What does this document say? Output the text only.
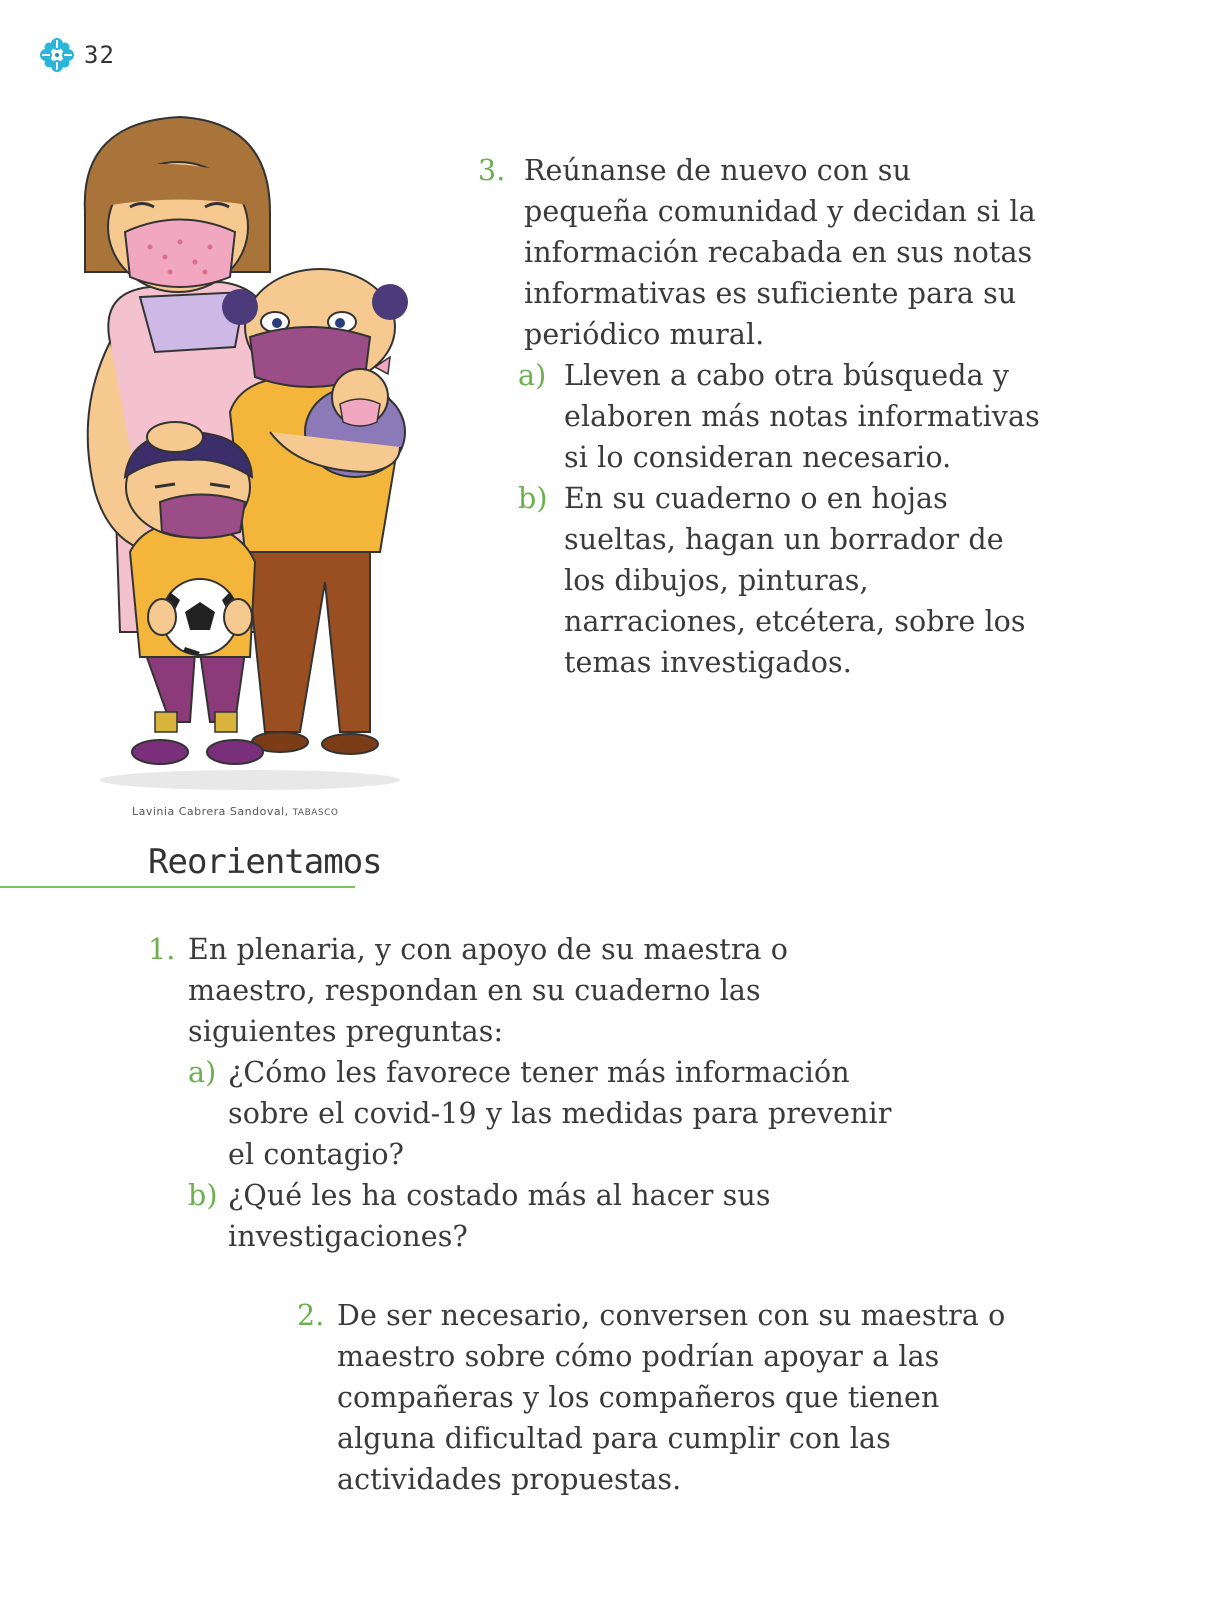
32
Lavinia Cabrera Sandoval, TABASCO
3. Reúnanse de nuevo con su pequeña comunidad y decidan si la información recabada en sus notas informativas es suficiente para su periódico mural.
a) Lleven a cabo otra búsqueda y elaboren más notas informativas si lo consideran necesario.
b) En su cuaderno o en hojas sueltas, hagan un borrador de los dibujos, pinturas, narraciones, etcétera, sobre los temas investigados.
Reorientamos
1. En plenaria, y con apoyo de su maestra o maestro, respondan en su cuaderno las siguientes preguntas:
a) ¿Cómo les favorece tener más información sobre el covid-19 y las medidas para prevenir el contagio?
b) ¿Qué les ha costado más al hacer sus investigaciones?
2. De ser necesario, conversen con su maestra o maestro sobre cómo podrían apoyar a las compañeras y los compañeros que tienen alguna dificultad para cumplir con las actividades propuestas.
